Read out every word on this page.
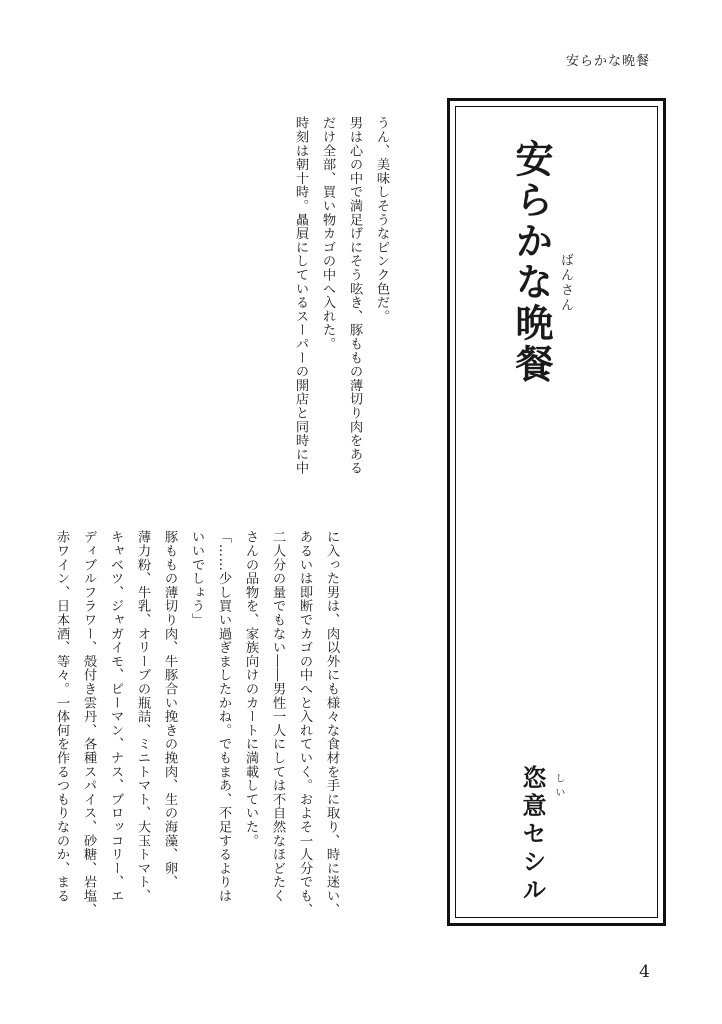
安らかな晩餐
安らかな晩餐 ばんさん
恣意セシル しい
うん、美味しそうなピンク色だ。
男は心の中で満足げにそう呟き、豚ももの薄切り肉をある
だけ全部、買い物カゴの中へ入れた。
時刻は朝十時。贔屓にしているスーパーの開店と同時に中
に入った男は、肉以外にも様々な食材を手に取り、時に迷い、
あるいは即断でカゴの中へと入れていく。およそ一人分でも、
二人分の量でもない――男性一人にしては不自然なほどたく
さんの品物を、家族向けのカートに満載していた。
「……少し買い過ぎましたかね。でもまあ、不足するよりは
いいでしょう」
豚ももの薄切り肉、牛豚合い挽きの挽肉、生の海藻、卵、
薄力粉、牛乳、オリーブの瓶詰、ミニトマト、大玉トマト、
キャベツ、ジャガイモ、ピーマン、ナス、ブロッコリー、エ
ディブルフラワー、殻付き雲丹、各種スパイス、砂糖、岩塩、
赤ワイン、日本酒、等々。一体何を作るつもりなのか、まる
4
